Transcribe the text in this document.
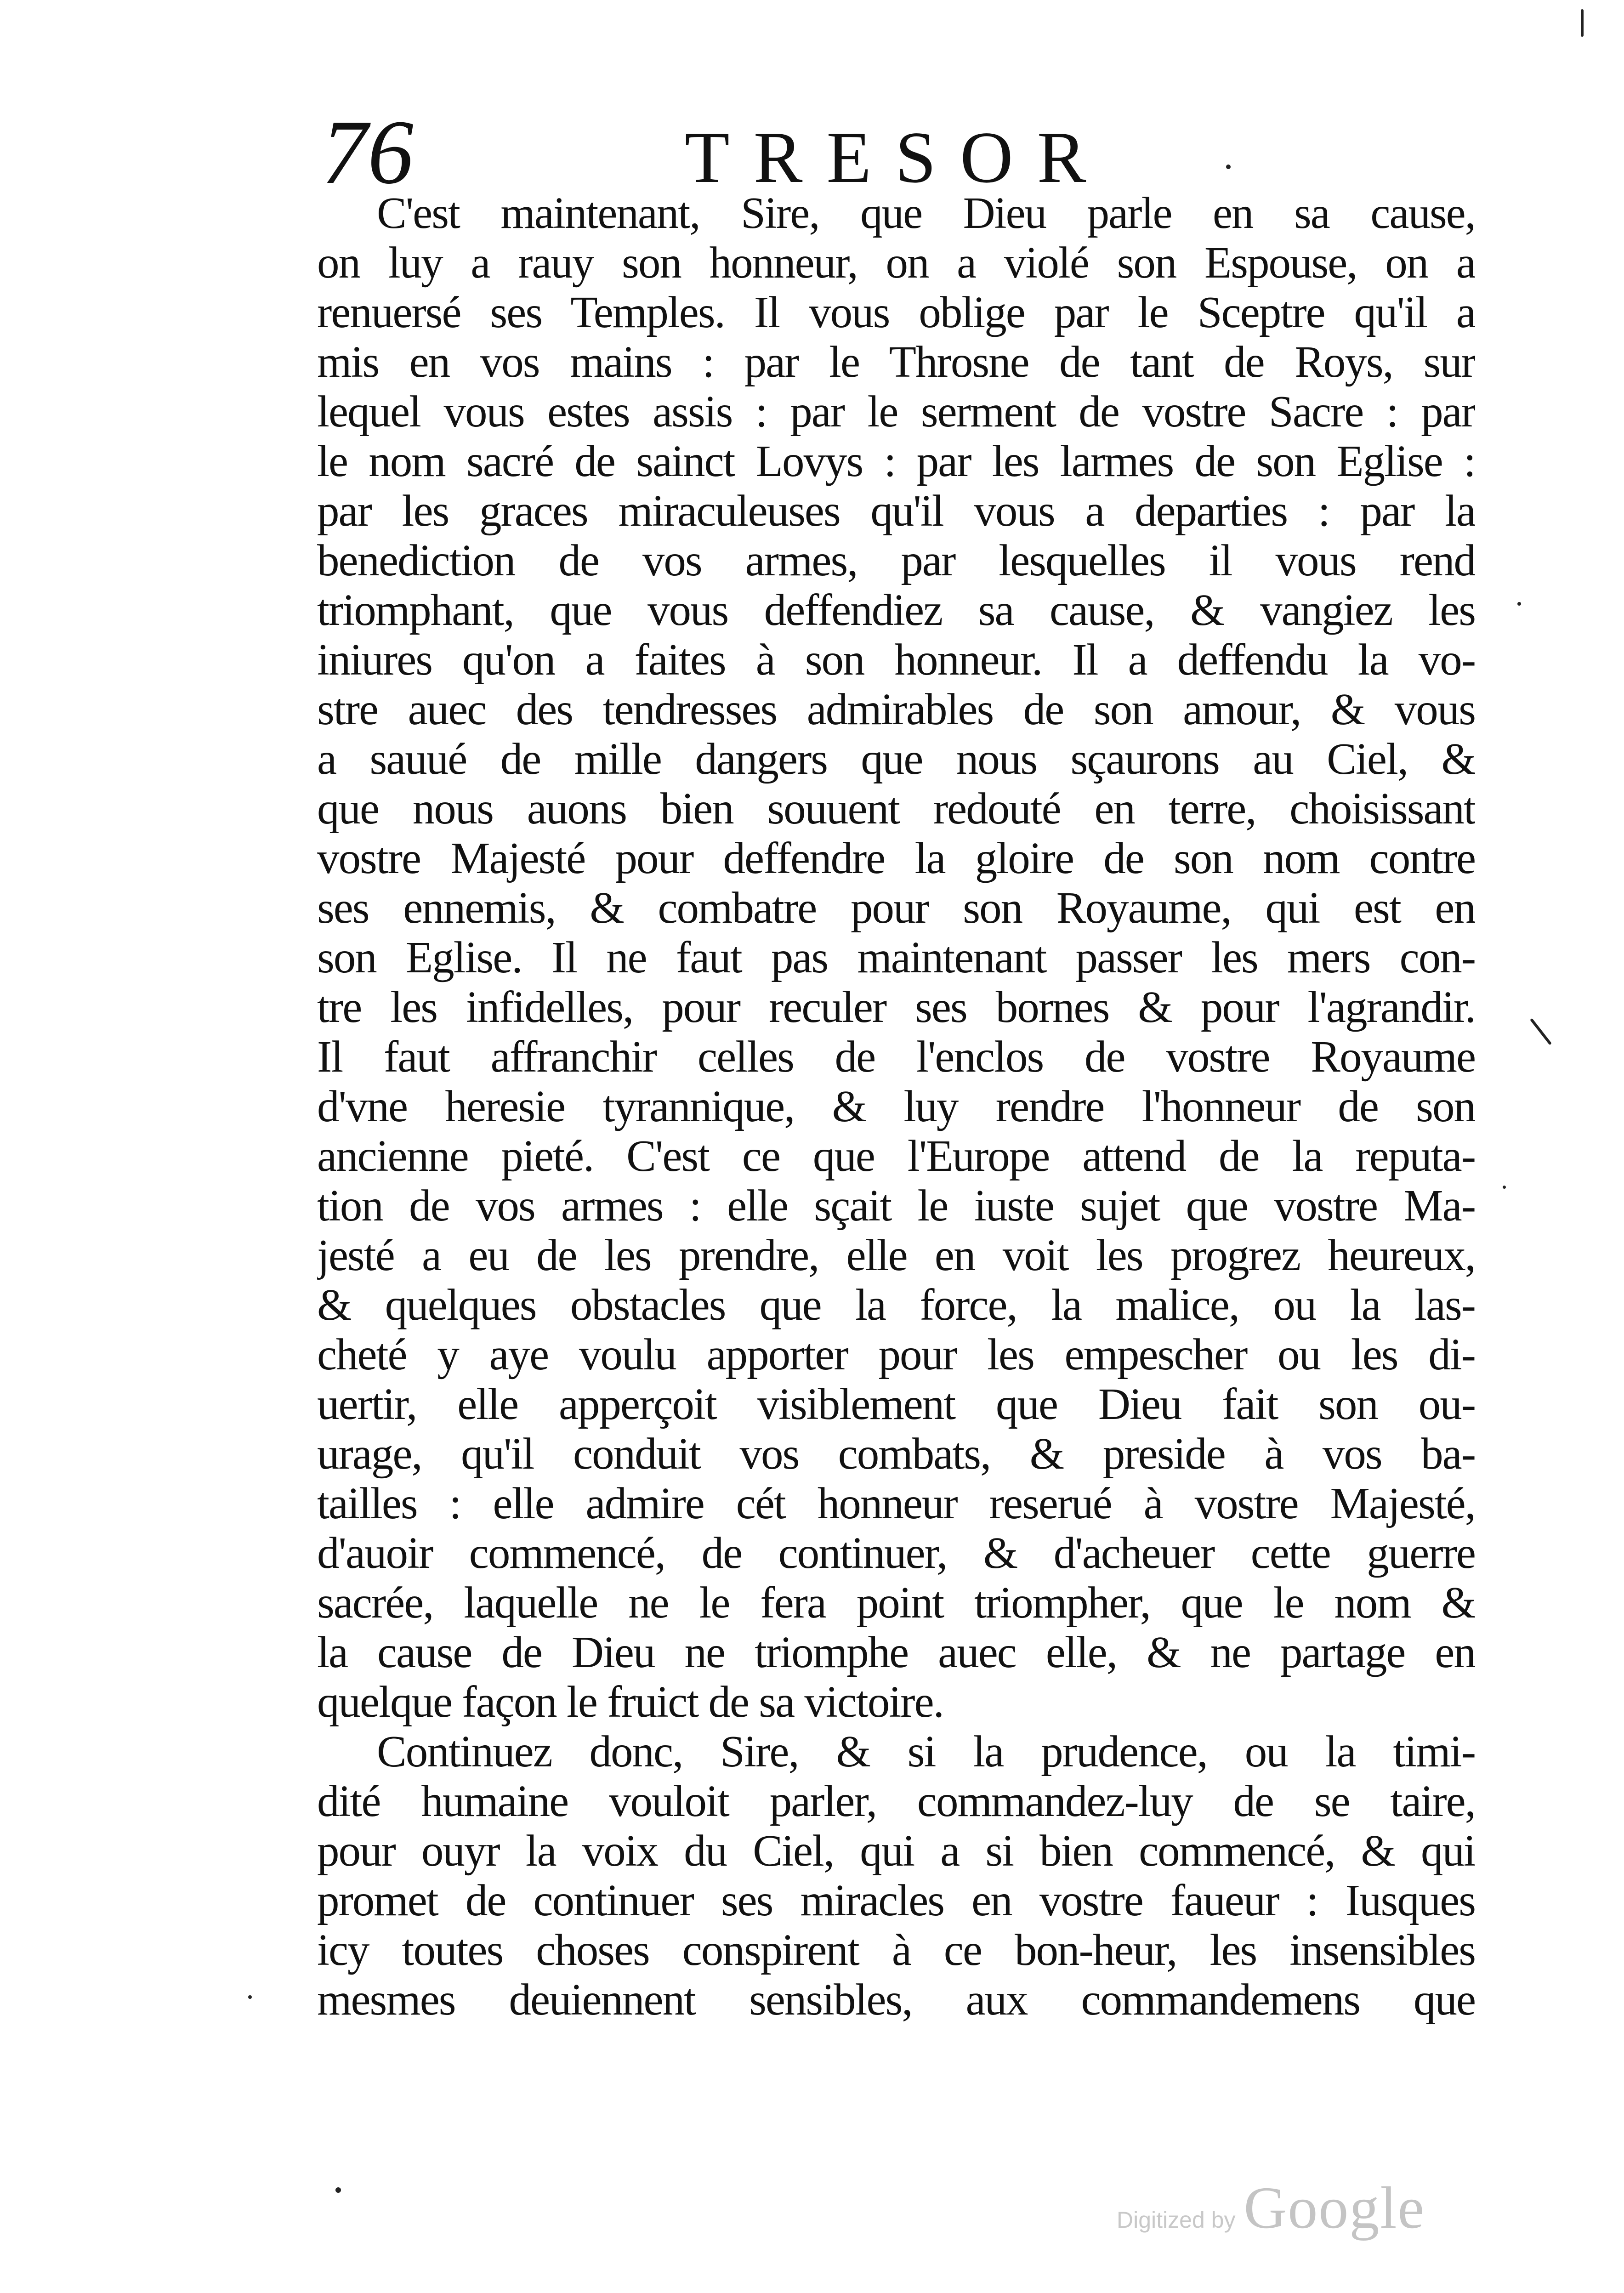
76	TRESOR
C'est maintenant, Sire, que Dieu parle en sa cause,
on luy a rauy son honneur, on a violé son Espouse, on a
renuersé ses Temples. Il vous oblige par le Sceptre qu'il a
mis en vos mains : par le Throsne de tant de Roys, sur
lequel vous estes assis : par le serment de vostre Sacre : par
le nom sacré de sainct Lovys : par les larmes de son Eglise :
par les graces miraculeuses qu'il vous a departies : par la
benediction de vos armes, par lesquelles il vous rend
triomphant, que vous deffendiez sa cause, & vangiez les
iniures qu'on a faites à son honneur. Il a deffendu la vo-
stre auec des tendresses admirables de son amour, & vous
a sauué de mille dangers que nous sçaurons au Ciel, &
que nous auons bien souuent redouté en terre, choisissant
vostre Majesté pour deffendre la gloire de son nom contre
ses ennemis, & combatre pour son Royaume, qui est en
son Eglise. Il ne faut pas maintenant passer les mers con-
tre les infidelles, pour reculer ses bornes & pour l'agrandir.
Il faut affranchir celles de l'enclos de vostre Royaume
d'vne heresie tyrannique, & luy rendre l'honneur de son
ancienne pieté. C'est ce que l'Europe attend de la reputa-
tion de vos armes : elle sçait le iuste sujet que vostre Ma-
jesté a eu de les prendre, elle en voit les progrez heureux,
& quelques obstacles que la force, la malice, ou la las-
cheté y aye voulu apporter pour les empescher ou les di-
uertir, elle apperçoit visiblement que Dieu fait son ou-
urage, qu'il conduit vos combats, & preside à vos ba-
tailles : elle admire cét honneur reserué à vostre Majesté,
d'auoir commencé, de continuer, & d'acheuer cette guerre
sacrée, laquelle ne le fera point triompher, que le nom &
la cause de Dieu ne triomphe auec elle, & ne partage en
quelque façon le fruict de sa victoire.
Continuez donc, Sire, & si la prudence, ou la timi-
dité humaine vouloit parler, commandez-luy de se taire,
pour ouyr la voix du Ciel, qui a si bien commencé, & qui
promet de continuer ses miracles en vostre faueur : Iusques
icy toutes choses conspirent à ce bon-heur, les insensibles
mesmes deuiennent sensibles, aux commandemens que
Digitized by Google
